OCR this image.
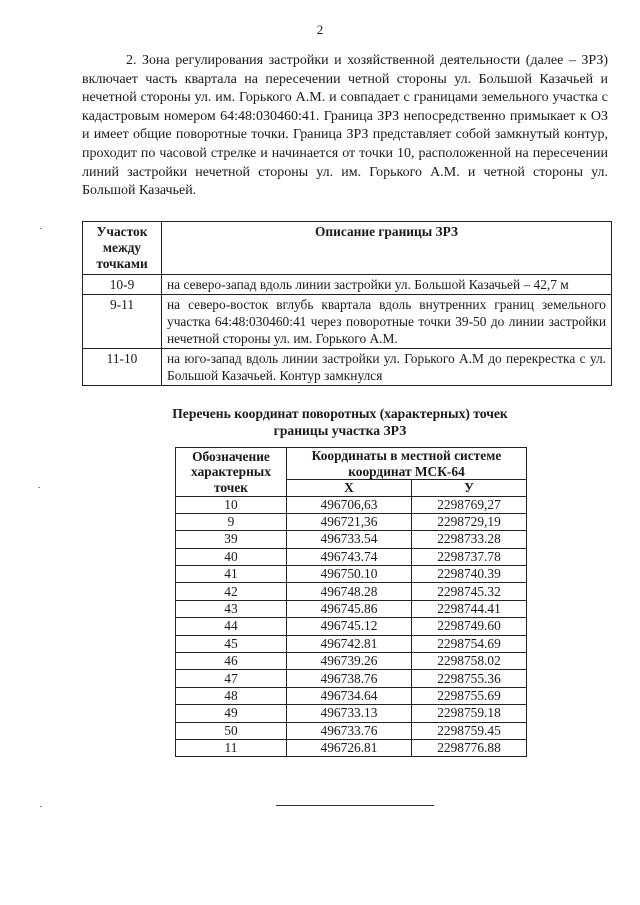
2

2. Зона регулирования застройки и хозяйственной деятельности (далее – ЗРЗ) включает часть квартала на пересечении четной стороны ул. Большой Казачьей и нечетной стороны ул. им. Горького А.М. и совпадает с границами земельного участка с кадастровым номером 64:48:030460:41. Граница ЗРЗ непосредственно примыкает к ОЗ и имеет общие поворотные точки. Граница ЗРЗ представляет собой замкнутый контур, проходит по часовой стрелке и начинается от точки 10, расположенной на пересечении линий застройки нечетной стороны ул. им. Горького А.М. и четной стороны ул. Большой Казачьей.

Участок между точками	Описание границы ЗРЗ
10-9	на северо-запад вдоль линии застройки ул. Большой Казачьей – 42,7 м
9-11	на северо-восток вглубь квартала вдоль внутренних границ земельного участка 64:48:030460:41 через поворотные точки 39-50 до линии застройки нечетной стороны ул. им. Горького А.М.
11-10	на юго-запад вдоль линии застройки ул. Горького А.М до перекрестка с ул. Большой Казачьей. Контур замкнулся

Перечень координат поворотных (характерных) точек границы участка ЗРЗ

Обозначение характерных точек	Координаты в местной системе координат МСК-64	
	Х	У
10	496706,63	2298769,27
9	496721,36	2298729,19
39	496733.54	2298733.28
40	496743.74	2298737.78
41	496750.10	2298740.39
42	496748.28	2298745.32
43	496745.86	2298744.41
44	496745.12	2298749.60
45	496742.81	2298754.69
46	496739.26	2298758.02
47	496738.76	2298755.36
48	496734.64	2298755.69
49	496733.13	2298759.18
50	496733.76	2298759.45
11	496726.81	2298776.88
